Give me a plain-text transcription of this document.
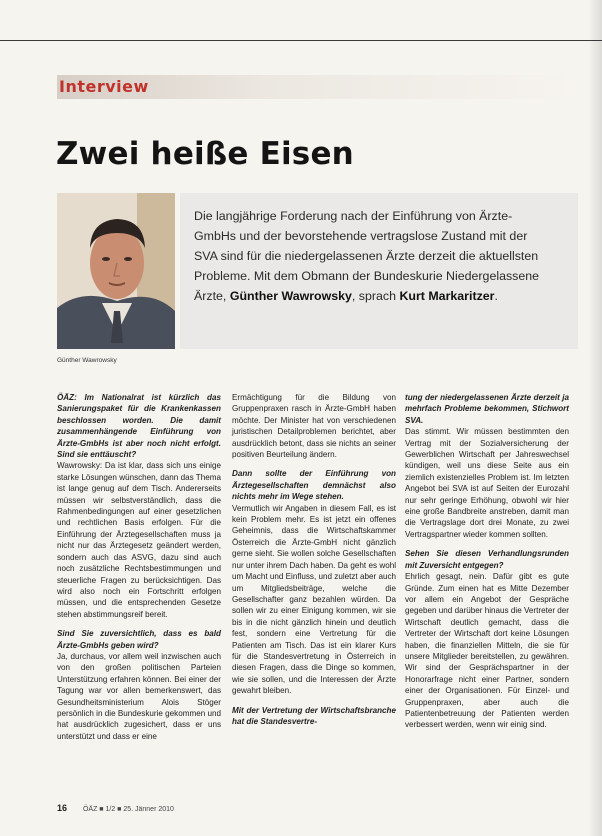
Interview
Zwei heiße Eisen
Günther Wawrowsky
Die langjährige Forderung nach der Einführung von Ärzte-GmbHs und der bevorstehende vertragslose Zustand mit der SVA sind für die niedergelassenen Ärzte derzeit die aktuellsten Probleme. Mit dem Obmann der Bundeskurie Niedergelassene Ärzte, Günther Wawrowsky, sprach Kurt Markaritzer.

ÖÄZ: Im Nationalrat ist kürzlich das Sanierungspaket für die Krankenkassen beschlossen worden. Die damit zusammenhängende Einführung von Ärzte-GmbHs ist aber noch nicht erfolgt. Sind sie enttäuscht?
Wawrowsky: Da ist klar, dass sich uns einige starke Lösungen wünschen, dann das Thema ist lange genug auf dem Tisch. Andererseits müssen wir selbstverständlich, dass die Rahmenbedingungen auf einer gesetzlichen und rechtlichen Basis erfolgen. Für die Einführung der Ärztegesellschaften muss ja nicht nur das Ärztegesetz geändert werden, sondern auch das ASVG, dazu sind auch noch zusätzliche Rechtsbestimmungen und steuerliche Fragen zu berücksichtigen. Das wird also noch ein Fortschritt erfolgen müssen, und die entsprechenden Gesetze stehen abstimmungsreif bereit.

Sind Sie zuversichtlich, dass es bald Ärzte-GmbHs geben wird?
Ja, durchaus, vor allem weil inzwischen auch von den großen politischen Parteien Unterstützung erfahren können. Bei einer der Tagung war vor allen bemerkenswert, das Gesundheitsministerium Alois Stöger persönlich in die Bundeskurie gekommen und hat ausdrücklich zugesichert, dass er uns unterstützt und dass er eine

Ermächtigung für die Bildung von Gruppenpraxen rasch in Ärzte-GmbH haben möchte. Der Minister hat von verschiedenen juristischen Detailproblemen berichtet, aber ausdrücklich betont, dass sie nichts an seiner positiven Beurteilung ändern.

Dann sollte der Einführung von Ärztegesellschaften demnächst also nichts mehr im Wege stehen.
Vermutlich wir Angaben in diesem Fall, es ist kein Problem mehr. Es ist jetzt ein offenes Geheimnis, dass die Wirtschaftskammer Österreich die Ärzte-GmbH nicht gänzlich gerne sieht. Sie wollen solche Gesellschaften nur unter ihrem Dach haben. Da geht es wohl um Macht und Einfluss, und zuletzt aber auch um Mitgliedsbeiträge, welche die Gesellschafter ganz bezahlen würden. Da sollen wir zu einer Einigung kommen, wir sie bis in die nicht gänzlich hinein und deutlich fest, sondern eine Vertretung für die Patienten am Tisch. Das ist ein klarer Kurs für die Standesvertretung in Österreich in diesen Fragen, dass die Dinge so kommen, wie sie sollen, und die Interessen der Ärzte gewahrt bleiben.

Mit der Vertretung der Wirtschaftsbranche hat die Standesvertre-

tung der niedergelassenen Ärzte derzeit ja mehrfach Probleme bekommen, Stichwort SVA.
Das stimmt. Wir müssen bestimmten den Vertrag mit der Sozialversicherung der Gewerblichen Wirtschaft per Jahreswechsel kündigen, weil uns diese Seite aus ein ziemlich existenzielles Problem ist. Im letzten Angebot bei SVA ist auf Seiten der Eurozahl nur sehr geringe Erhöhung, obwohl wir hier eine große Bandbreite anstreben, damit man die Vertragslage dort drei Monate, zu zwei Vertragspartner wieder kommen sollten.

Sehen Sie diesen Verhandlungsrunden mit Zuversicht entgegen?
Ehrlich gesagt, nein. Dafür gibt es gute Gründe. Zum einen hat es Mitte Dezember vor allem ein Angebot der Gespräche gegeben und darüber hinaus die Vertreter der Wirtschaft deutlich gemacht, dass die Vertreter der Wirtschaft dort keine Lösungen haben, die finanziellen Mitteln, die sie für unsere Mitglieder bereitstellen, zu gewähren. Wir sind der Gesprächspartner in der Honorarfrage nicht einer Partner, sondern einer der Organisationen. Für Einzel- und Gruppenpraxen, aber auch die Patientenbetreuung der Patienten werden verbessert werden, wenn wir einig sind.

16 ÖÄZ ■ 1/2 ■ 25. Jänner 2010
